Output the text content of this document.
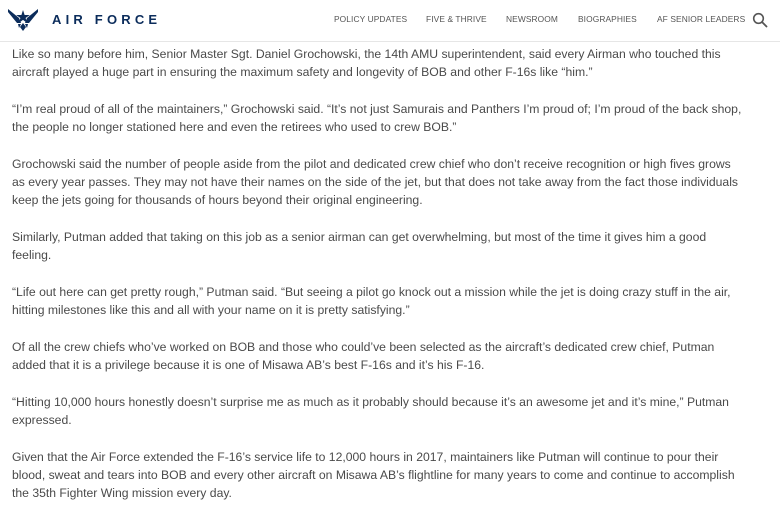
AIR FORCE	POLICY UPDATES FIVE & THRIVE NEWSROOM BIOGRAPHIES AF SENIOR LEADERS

Like so many before him, Senior Master Sgt. Daniel Grochowski, the 14th AMU superintendent, said every Airman who touched this aircraft played a huge part in ensuring the maximum safety and longevity of BOB and other F-16s like “him.”

“I’m real proud of all of the maintainers,” Grochowski said. “It’s not just Samurais and Panthers I’m proud of; I’m proud of the back shop, the people no longer stationed here and even the retirees who used to crew BOB.”

Grochowski said the number of people aside from the pilot and dedicated crew chief who don’t receive recognition or high fives grows as every year passes. They may not have their names on the side of the jet, but that does not take away from the fact those individuals keep the jets going for thousands of hours beyond their original engineering.

Similarly, Putman added that taking on this job as a senior airman can get overwhelming, but most of the time it gives him a good feeling.

“Life out here can get pretty rough,” Putman said. “But seeing a pilot go knock out a mission while the jet is doing crazy stuff in the air, hitting milestones like this and all with your name on it is pretty satisfying.”

Of all the crew chiefs who’ve worked on BOB and those who could’ve been selected as the aircraft’s dedicated crew chief, Putman added that it is a privilege because it is one of Misawa AB’s best F-16s and it’s his F-16.

“Hitting 10,000 hours honestly doesn’t surprise me as much as it probably should because it’s an awesome jet and it’s mine,” Putman expressed.

Given that the Air Force extended the F-16’s service life to 12,000 hours in 2017, maintainers like Putman will continue to pour their blood, sweat and tears into BOB and every other aircraft on Misawa AB’s flightline for many years to come and continue to accomplish the 35th Fighter Wing mission every day.
